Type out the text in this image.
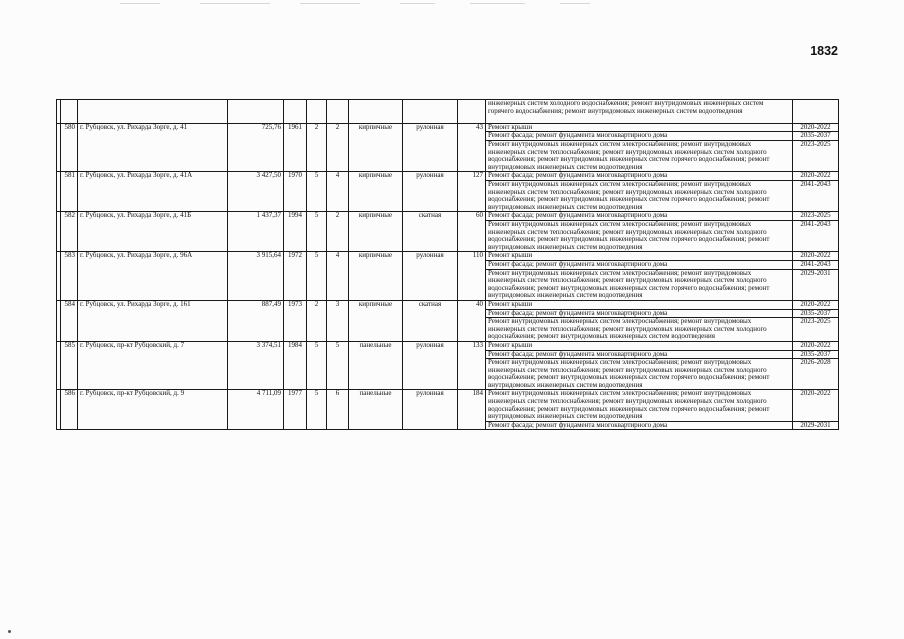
1832
										инженерных систем холодного водоснабжения; ремонт внутридомовых инженерных систем горячего водоснабжения; ремонт внутридомовых инженерных систем водоотведения	
	580	г. Рубцовск, ул. Рихарда Зорге, д. 41	725,76	1961	2	2	кирпичные	рулонная	43	Ремонт крыши	2020-2022
										Ремонт фасада; ремонт фундамента многоквартирного дома	2035-2037
										Ремонт внутридомовых инженерных систем электроснабжения; ремонт внутридомовых инженерных систем теплоснабжения; ремонт внутридомовых инженерных систем холодного водоснабжения; ремонт внутридомовых инженерных систем горячего водоснабжения; ремонт внутридомовых инженерных систем водоотведения	2023-2025
	581	г. Рубцовск, ул. Рихарда Зорге, д. 41А	3 427,50	1970	5	4	кирпичные	рулонная	127	Ремонт фасада; ремонт фундамента многоквартирного дома	2020-2022
										Ремонт внутридомовых инженерных систем электроснабжения; ремонт внутридомовых инженерных систем теплоснабжения; ремонт внутридомовых инженерных систем холодного водоснабжения; ремонт внутридомовых инженерных систем горячего водоснабжения; ремонт внутридомовых инженерных систем водоотведения	2041-2043
	582	г. Рубцовск, ул. Рихарда Зорге, д. 41Б	1 437,37	1994	5	2	кирпичные	скатная	60	Ремонт фасада; ремонт фундамента многоквартирного дома	2023-2025
										Ремонт внутридомовых инженерных систем электроснабжения; ремонт внутридомовых инженерных систем теплоснабжения; ремонт внутридомовых инженерных систем холодного водоснабжения; ремонт внутридомовых инженерных систем горячего водоснабжения; ремонт внутридомовых инженерных систем водоотведения	2041-2043
	583	г. Рубцовск, ул. Рихарда Зорге, д. 96А	3 915,64	1972	5	4	кирпичные	рулонная	110	Ремонт крыши	2020-2022
										Ремонт фасада; ремонт фундамента многоквартирного дома	2041-2043
										Ремонт внутридомовых инженерных систем электроснабжения; ремонт внутридомовых инженерных систем теплоснабжения; ремонт внутридомовых инженерных систем холодного водоснабжения; ремонт внутридомовых инженерных систем горячего водоснабжения; ремонт внутридомовых инженерных систем водоотведения	2029-2031
	584	г. Рубцовск, ул. Рихарда Зорге, д. 161	887,49	1973	2	3	кирпичные	скатная	40	Ремонт крыши	2020-2022
										Ремонт фасада; ремонт фундамента многоквартирного дома	2035-2037
										Ремонт внутридомовых инженерных систем электроснабжения; ремонт внутридомовых инженерных систем теплоснабжения; ремонт внутридомовых инженерных систем холодного водоснабжения; ремонт внутридомовых инженерных систем водоотведения	2023-2025
	585	г. Рубцовск, пр-кт Рубцовский, д. 7	3 374,51	1984	5	5	панельные	рулонная	133	Ремонт крыши	2020-2022
										Ремонт фасада; ремонт фундамента многоквартирного дома	2035-2037
										Ремонт внутридомовых инженерных систем электроснабжения; ремонт внутридомовых инженерных систем теплоснабжения; ремонт внутридомовых инженерных систем холодного водоснабжения; ремонт внутридомовых инженерных систем горячего водоснабжения; ремонт внутридомовых инженерных систем водоотведения	2026-2028
	586	г. Рубцовск, пр-кт Рубцовский, д. 9	4 711,09	1977	5	6	панельные	рулонная	184	Ремонт внутридомовых инженерных систем электроснабжения; ремонт внутридомовых инженерных систем теплоснабжения; ремонт внутридомовых инженерных систем холодного водоснабжения; ремонт внутридомовых инженерных систем горячего водоснабжения; ремонт внутридомовых инженерных систем водоотведения	2020-2022
										Ремонт фасада; ремонт фундамента многоквартирного дома	2029-2031
